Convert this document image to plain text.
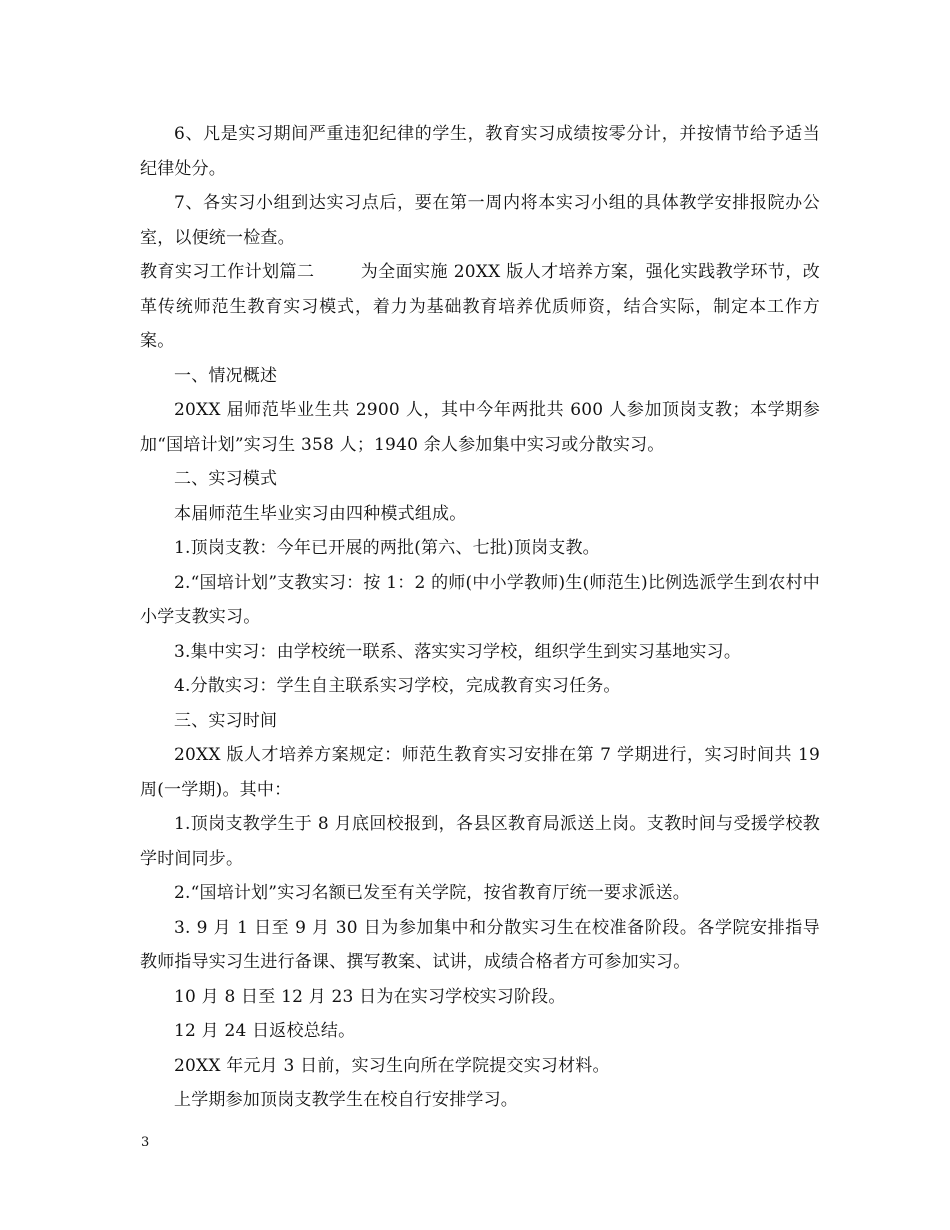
6、凡是实习期间严重违犯纪律的学生，教育实习成绩按零分计，并按情节给予适当纪律处分。

7、各实习小组到达实习点后，要在第一周内将本实习小组的具体教学安排报院办公室，以便统一检查。

教育实习工作计划篇二	为全面实施 20XX 版人才培养方案，强化实践教学环节，改革传统师范生教育实习模式，着力为基础教育培养优质师资，结合实际，制定本工作方案。

一、情况概述

20XX 届师范毕业生共 2900 人，其中今年两批共 600 人参加顶岗支教；本学期参加“国培计划”实习生 358 人；1940 余人参加集中实习或分散实习。

二、实习模式

本届师范生毕业实习由四种模式组成。

1.顶岗支教：今年已开展的两批(第六、七批)顶岗支教。

2.“国培计划”支教实习：按 1：2 的师(中小学教师)生(师范生)比例选派学生到农村中小学支教实习。

3.集中实习：由学校统一联系、落实实习学校，组织学生到实习基地实习。

4.分散实习：学生自主联系实习学校，完成教育实习任务。

三、实习时间

20XX 版人才培养方案规定：师范生教育实习安排在第 7 学期进行，实习时间共 19 周(一学期)。其中：

1.顶岗支教学生于 8 月底回校报到，各县区教育局派送上岗。支教时间与受援学校教学时间同步。

2.“国培计划”实习名额已发至有关学院，按省教育厅统一要求派送。

3. 9 月 1 日至 9 月 30 日为参加集中和分散实习生在校准备阶段。各学院安排指导教师指导实习生进行备课、撰写教案、试讲，成绩合格者方可参加实习。

10 月 8 日至 12 月 23 日为在实习学校实习阶段。

12 月 24 日返校总结。

20XX 年元月 3 日前，实习生向所在学院提交实习材料。

上学期参加顶岗支教学生在校自行安排学习。

3
